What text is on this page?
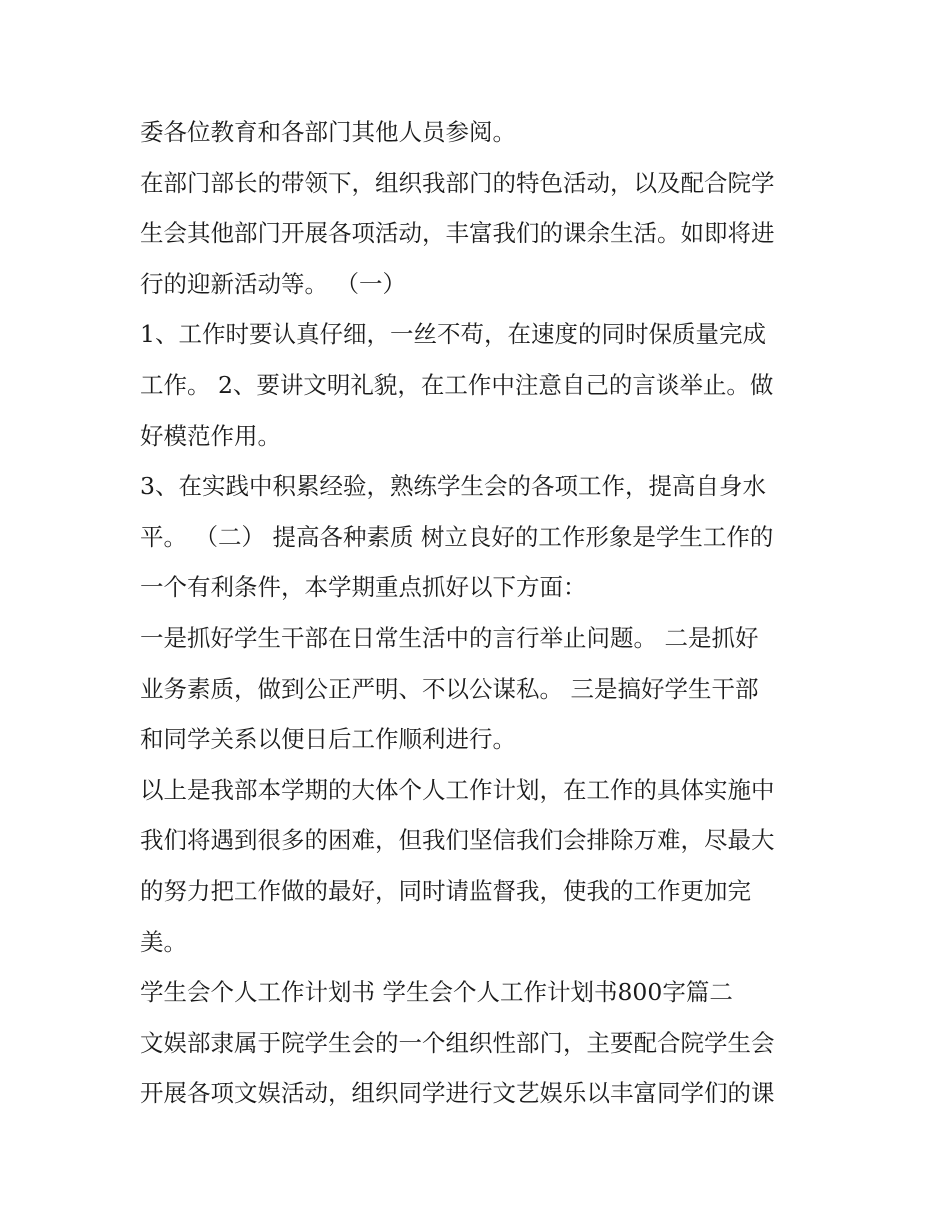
委各位教育和各部门其他人员参阅。
在部门部长的带领下，组织我部门的特色活动，以及配合院学
生会其他部门开展各项活动，丰富我们的课余生活。如即将进
行的迎新活动等。 （一）
1、工作时要认真仔细，一丝不苟，在速度的同时保质量完成
工作。 2、要讲文明礼貌，在工作中注意自己的言谈举止。做
好模范作用。
3、在实践中积累经验，熟练学生会的各项工作，提高自身水
平。 （二） 提高各种素质 树立良好的工作形象是学生工作的
一个有利条件，本学期重点抓好以下方面：
一是抓好学生干部在日常生活中的言行举止问题。 二是抓好
业务素质，做到公正严明、不以公谋私。 三是搞好学生干部
和同学关系以便日后工作顺利进行。
以上是我部本学期的大体个人工作计划，在工作的具体实施中
我们将遇到很多的困难，但我们坚信我们会排除万难，尽最大
的努力把工作做的最好，同时请监督我，使我的工作更加完
美。
学生会个人工作计划书 学生会个人工作计划书800字篇二
文娱部隶属于院学生会的一个组织性部门，主要配合院学生会
开展各项文娱活动，组织同学进行文艺娱乐以丰富同学们的课
